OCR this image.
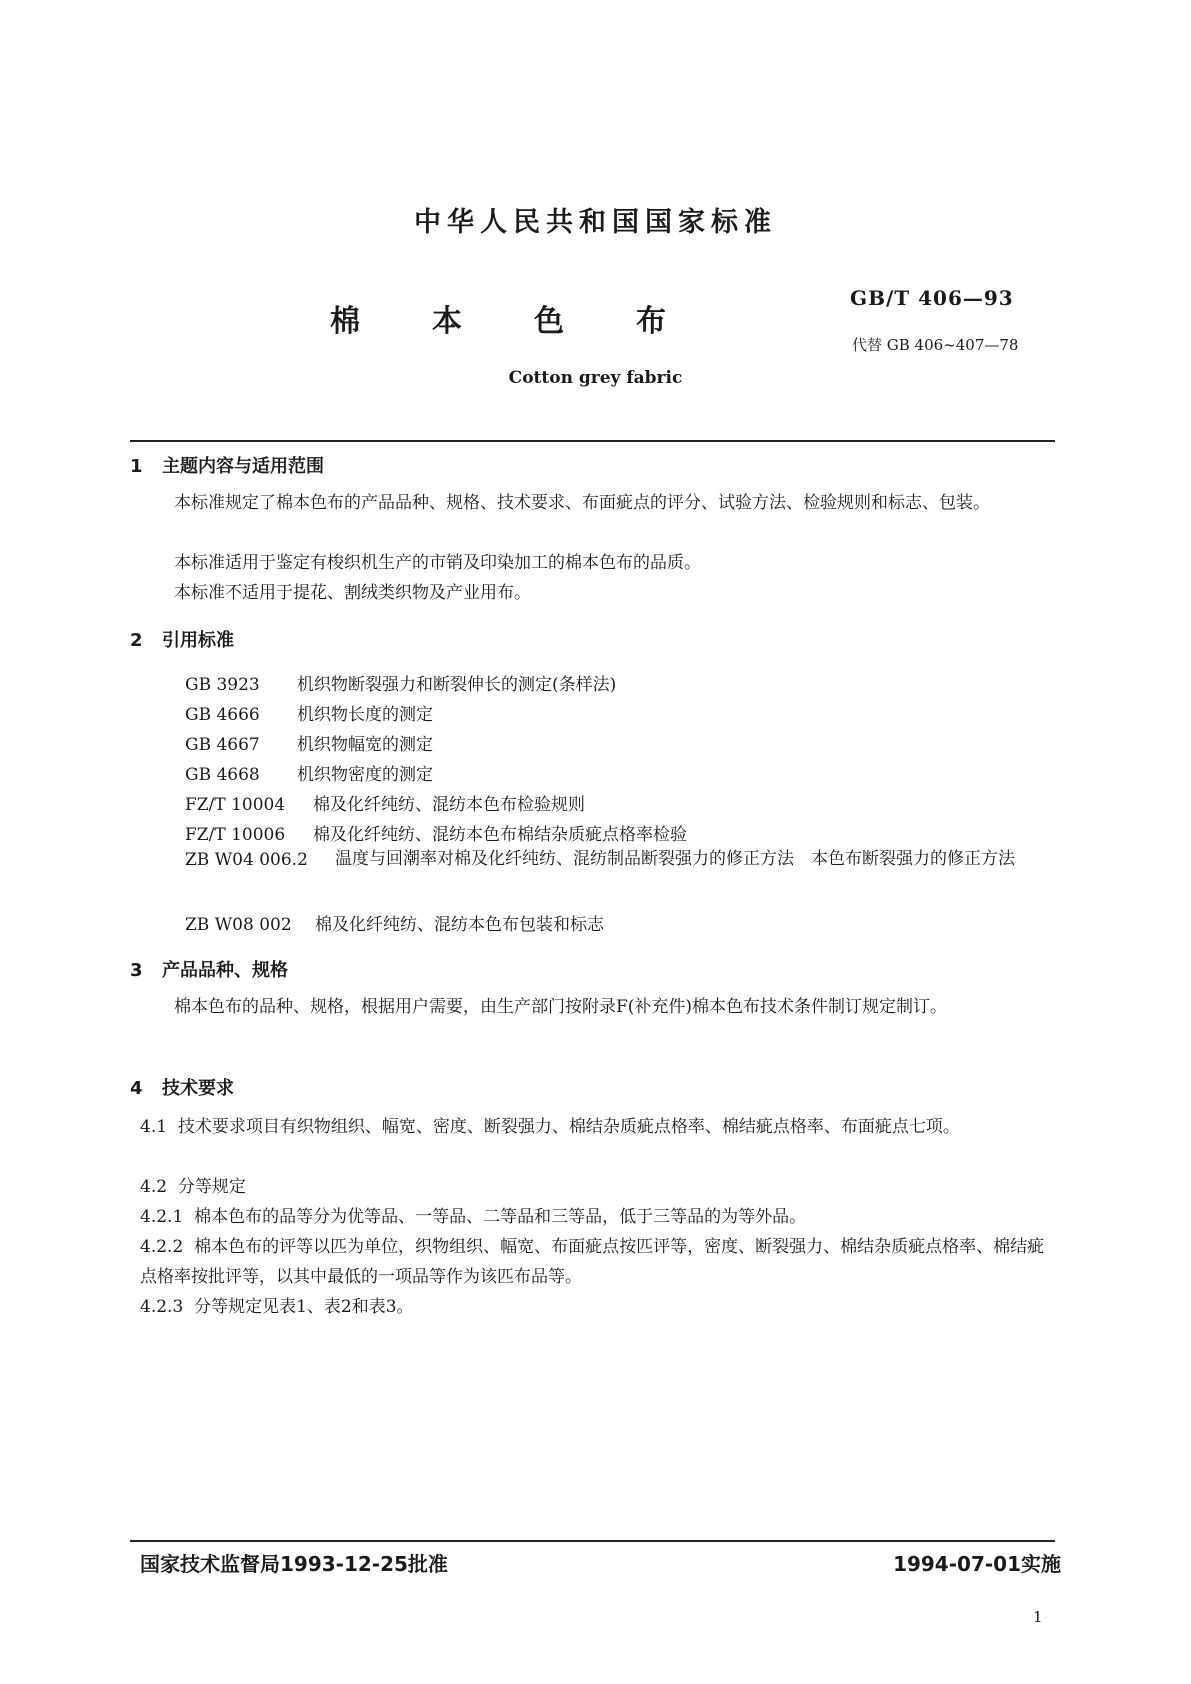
中华人民共和国国家标准
棉本色布
Cotton grey fabric
GB/T 406—93
代替 GB 406~407—78
1 主题内容与适用范围
本标准规定了棉本色布的产品品种、规格、技术要求、布面疵点的评分、试验方法、检验规则和标志、包装。
本标准适用于鉴定有梭织机生产的市销及印染加工的棉本色布的品质。
本标准不适用于提花、割绒类织物及产业用布。
2 引用标准
GB 3923 机织物断裂强力和断裂伸长的测定(条样法)
GB 4666 机织物长度的测定
GB 4667 机织物幅宽的测定
GB 4668 机织物密度的测定
FZ/T 10004 棉及化纤纯纺、混纺本色布检验规则
FZ/T 10006 棉及化纤纯纺、混纺本色布棉结杂质疵点格率检验
ZB W04 006.2	温度与回潮率对棉及化纤纯纺、混纺制品断裂强力的修正方法　本色布断裂强力的修正方法
ZB W08 002 棉及化纤纯纺、混纺本色布包装和标志
3 产品品种、规格
棉本色布的品种、规格，根据用户需要，由生产部门按附录F(补充件)棉本色布技术条件制订规定制订。
4 技术要求
4.1 技术要求项目有织物组织、幅宽、密度、断裂强力、棉结杂质疵点格率、棉结疵点格率、布面疵点七项。
4.2 分等规定
4.2.1 棉本色布的品等分为优等品、一等品、二等品和三等品，低于三等品的为等外品。
4.2.2 棉本色布的评等以匹为单位，织物组织、幅宽、布面疵点按匹评等，密度、断裂强力、棉结杂质疵点格率、棉结疵点格率按批评等，以其中最低的一项品等作为该匹布品等。
4.2.3 分等规定见表1、表2和表3。
国家技术监督局1993-12-25批准	1994-07-01实施
1
